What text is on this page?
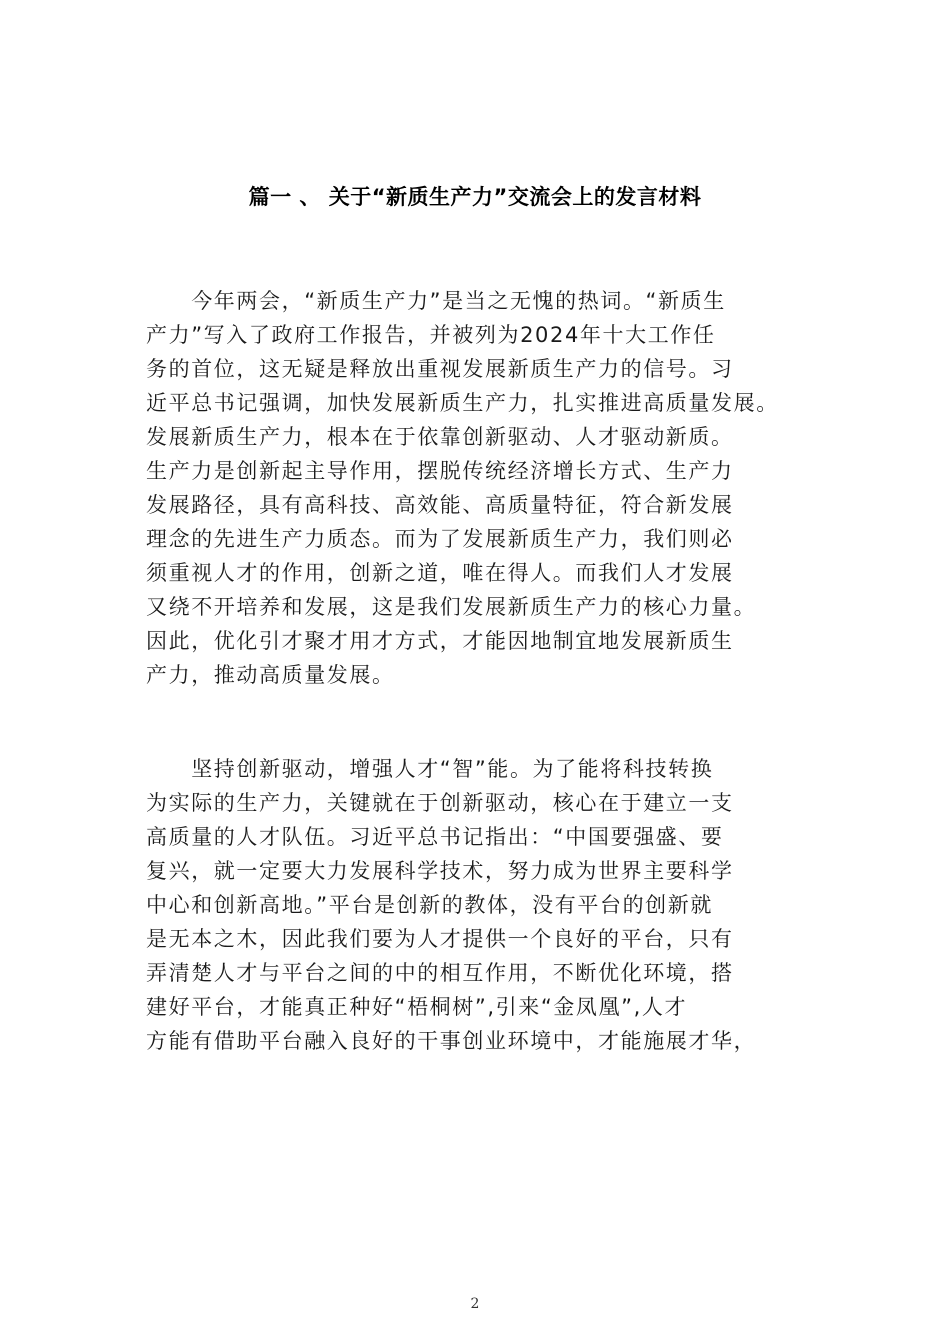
篇一 、 关于“新质生产力”交流会上的发言材料
　　今年两会，“新质生产力”是当之无愧的热词。“新质生
产力”写入了政府工作报告，并被列为2024年十大工作任
务的首位，这无疑是释放出重视发展新质生产力的信号。习
近平总书记强调，加快发展新质生产力，扎实推进高质量发展。
发展新质生产力，根本在于依靠创新驱动、人才驱动新质。
生产力是创新起主导作用，摆脱传统经济增长方式、生产力
发展路径，具有高科技、高效能、高质量特征，符合新发展
理念的先进生产力质态。而为了发展新质生产力，我们则必
须重视人才的作用，创新之道，唯在得人。而我们人才发展
又绕不开培养和发展，这是我们发展新质生产力的核心力量。
因此，优化引才聚才用才方式，才能因地制宜地发展新质生
产力，推动高质量发展。
　　坚持创新驱动，增强人才“智”能。为了能将科技转换
为实际的生产力，关键就在于创新驱动，核心在于建立一支
高质量的人才队伍。习近平总书记指出：“中国要强盛、要
复兴，就一定要大力发展科学技术，努力成为世界主要科学
中心和创新高地。”平台是创新的教体，没有平台的创新就
是无本之木，因此我们要为人才提供一个良好的平台，只有
弄清楚人才与平台之间的中的相互作用，不断优化环境，搭
建好平台，才能真正种好“梧桐树”,引来“金凤凰”,人才
方能有借助平台融入良好的干事创业环境中，才能施展才华，
2
